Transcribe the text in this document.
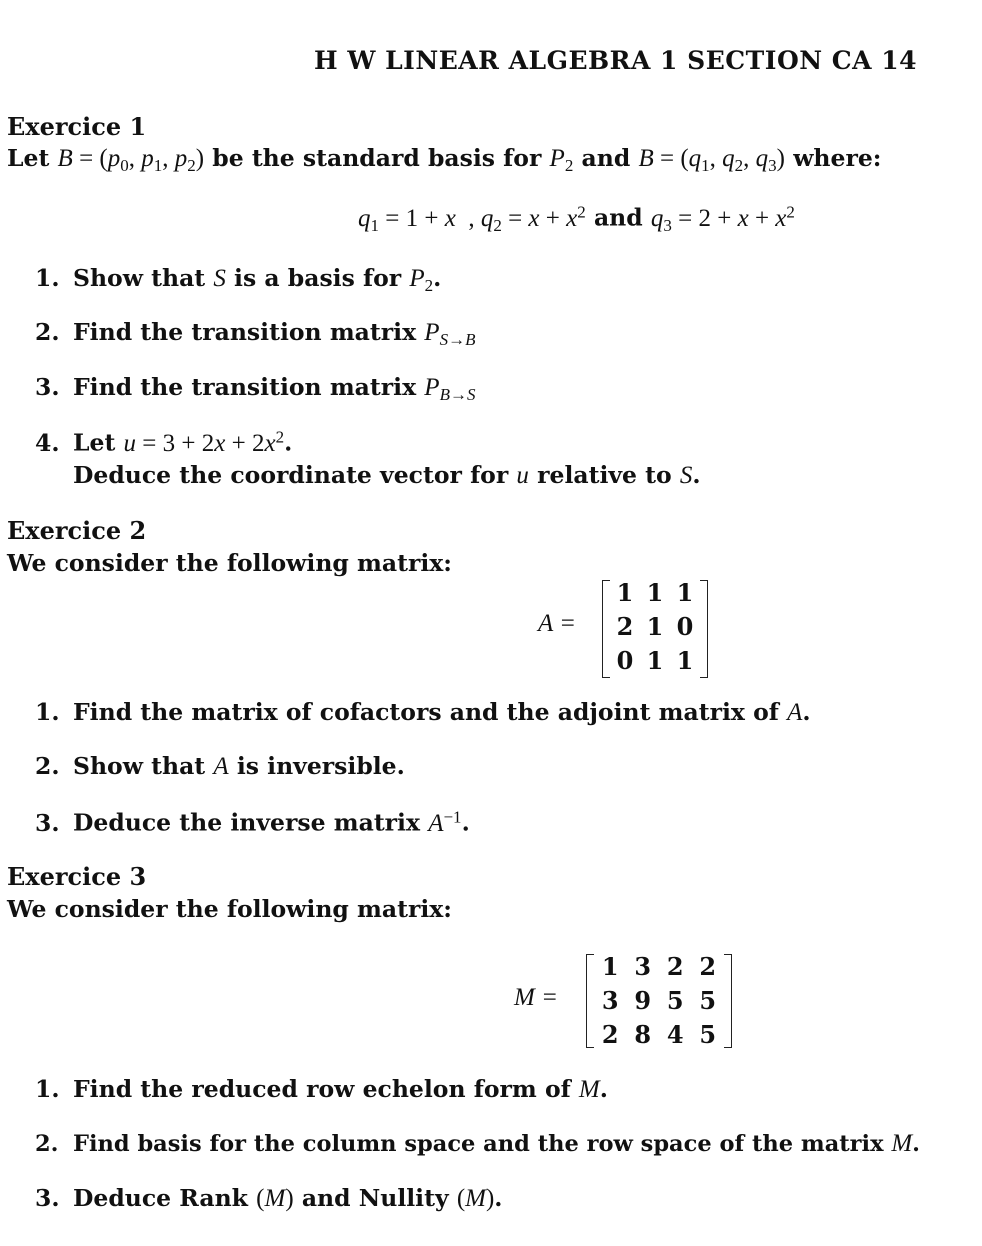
H W LINEAR ALGEBRA 1 SECTION CA 14
Exercice 1
Let $B = (p_0$, $p_1$, $p_2$) be the standard basis for $P_2$ and $B = (q_1$, $q_2$, $q_3$) where:
$q_1 = 1 + x$  , $q_2 = x + x^2$ and $q_3 = 2 + x + x^2$
1. Show that S is a basis for $P_2$.
2. Find the transition matrix $P_{S\to B}$
3. Find the transition matrix $P_{B\to S}$
4. Let $u = 3 + 2x + 2x^2$.
Deduce the coordinate vector for u relative to S.
Exercice 2
We consider the following matrix:
A =
1	1	1
2	1	0
0	1	1
1. Find the matrix of cofactors and the adjoint matrix of A.
2. Show that A is inversible.
3. Deduce the inverse matrix $A^{-1}$.
Exercice 3
We consider the following matrix:
M =
1	3	2	2
3	9	5	5
2	8	4	5
1. Find the reduced row echelon form of M.
2. Find basis for the column space and the row space of the matrix M.
3. Deduce Rank (M) and Nullity (M).
